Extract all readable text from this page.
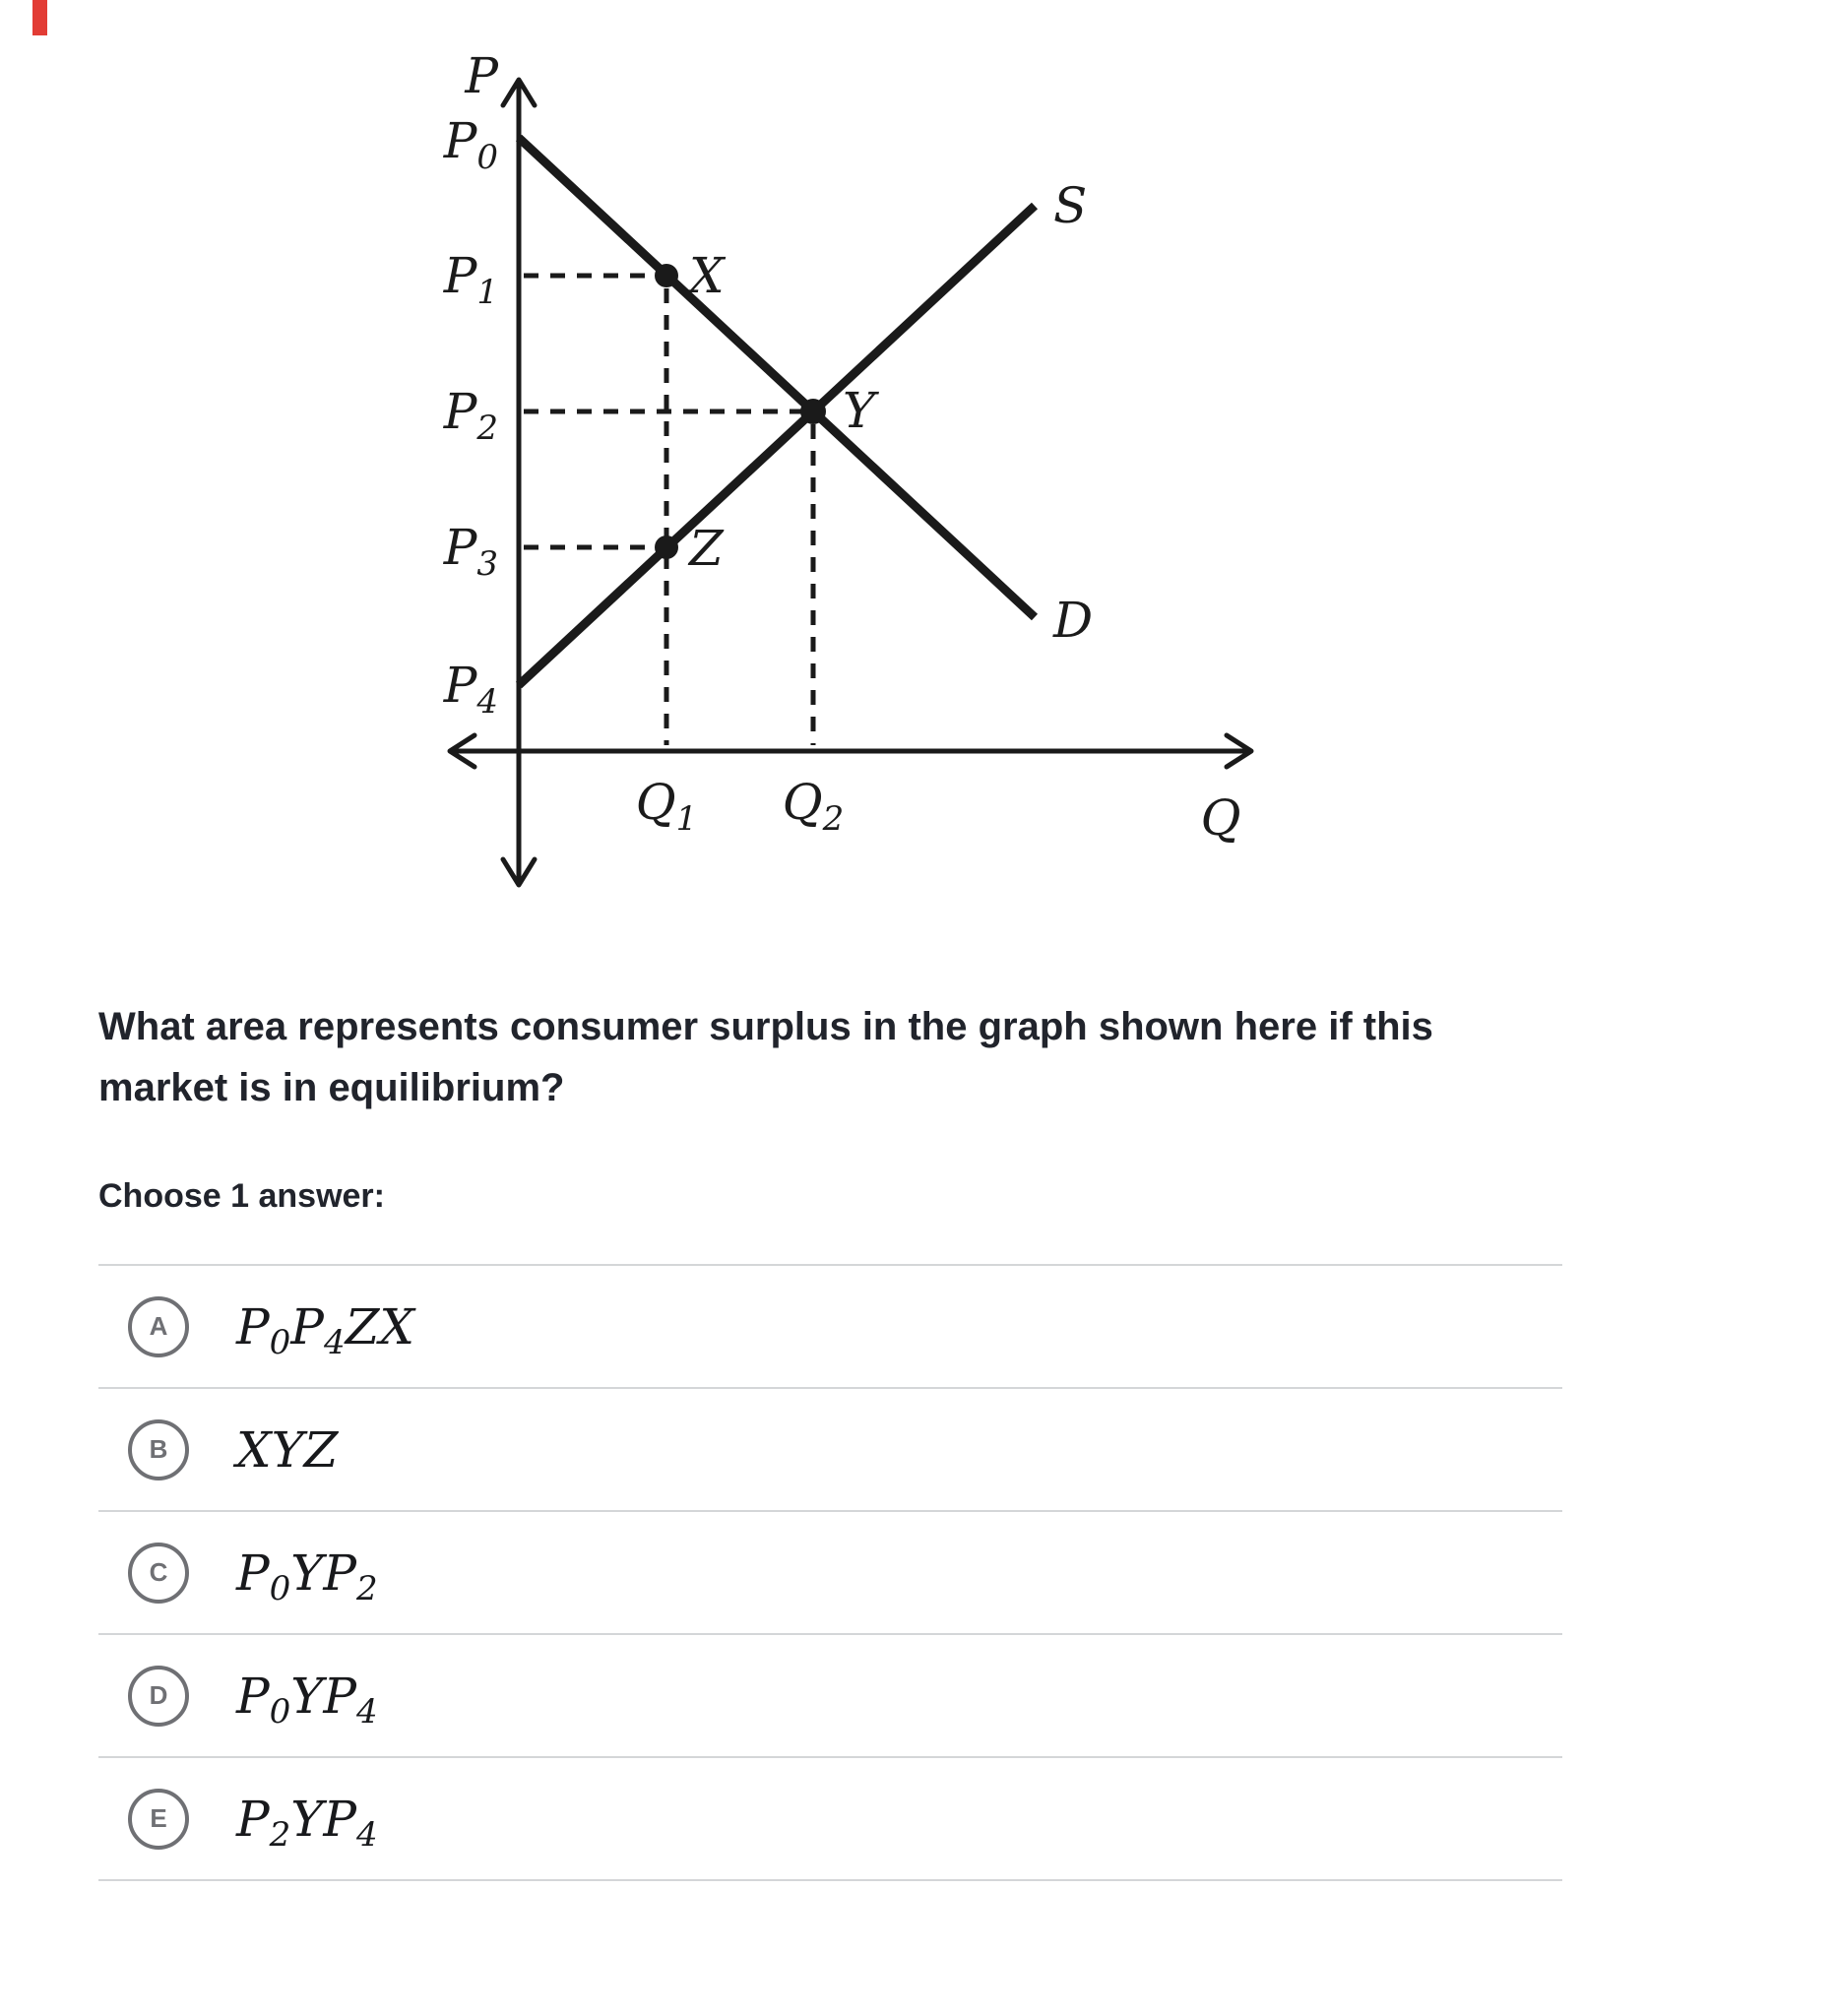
P
Q
$P_0$
$P_1$
$P_2$
$P_3$
$P_4$
$Q_1$ $Q_2$
X
Y
Z
S
D
What area represents consumer surplus in the graph shown here if this market is in equilibrium?
Choose 1 answer:
A	$P_0P_4ZX$
B	XYZ
C	$P_0YP_2$
D	$P_0YP_4$
E	$P_2YP_4$
